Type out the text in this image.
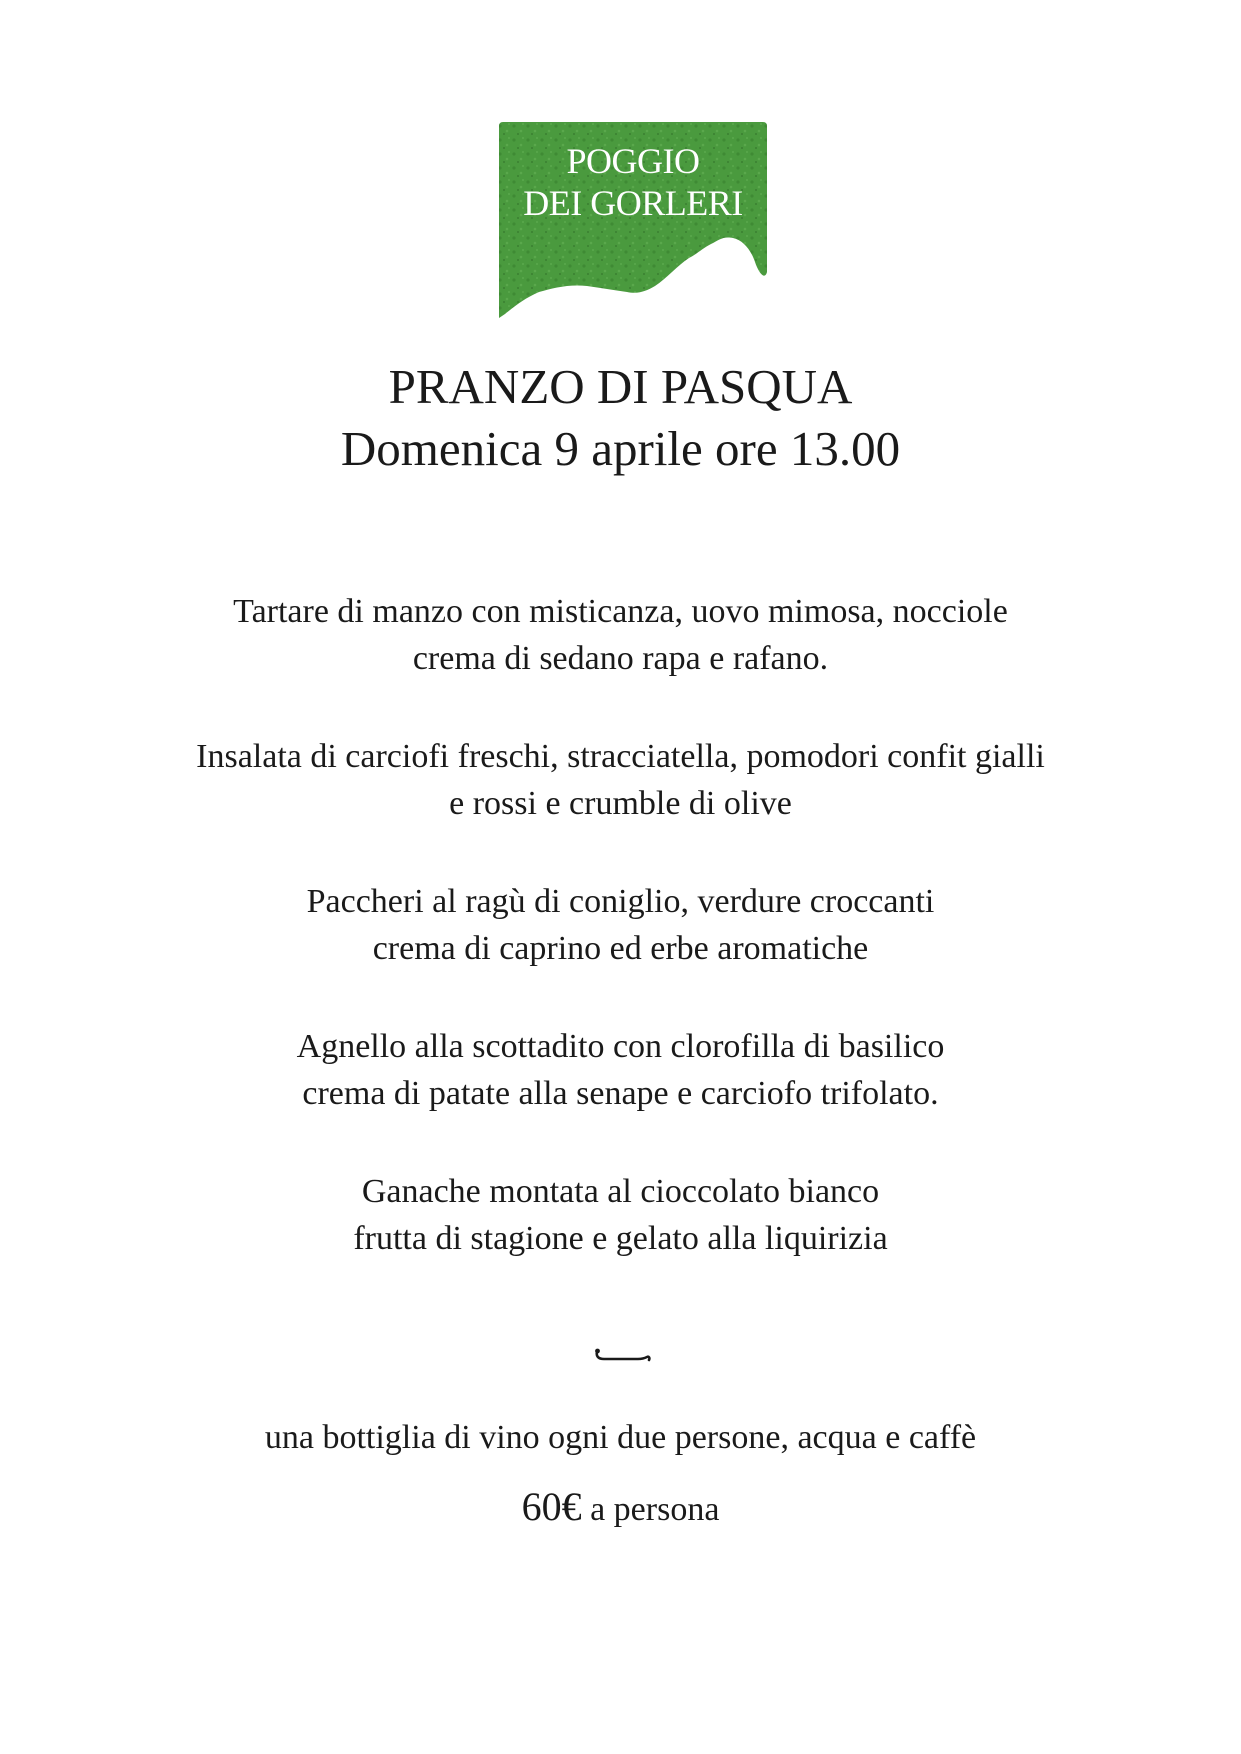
POGGIO
DEI GORLERI
PRANZO DI PASQUA
Domenica 9 aprile ore 13.00
Tartare di manzo con misticanza, uovo mimosa, nocciole
crema di sedano rapa e rafano.
Insalata di carciofi freschi, stracciatella, pomodori confit gialli
e rossi e crumble di olive
Paccheri al ragù di coniglio, verdure croccanti
crema di caprino ed erbe aromatiche
Agnello alla scottadito con clorofilla di basilico
crema di patate alla senape e carciofo trifolato.
Ganache montata al cioccolato bianco
frutta di stagione e gelato alla liquirizia
una bottiglia di vino ogni due persone, acqua e caffè
60€ a persona
